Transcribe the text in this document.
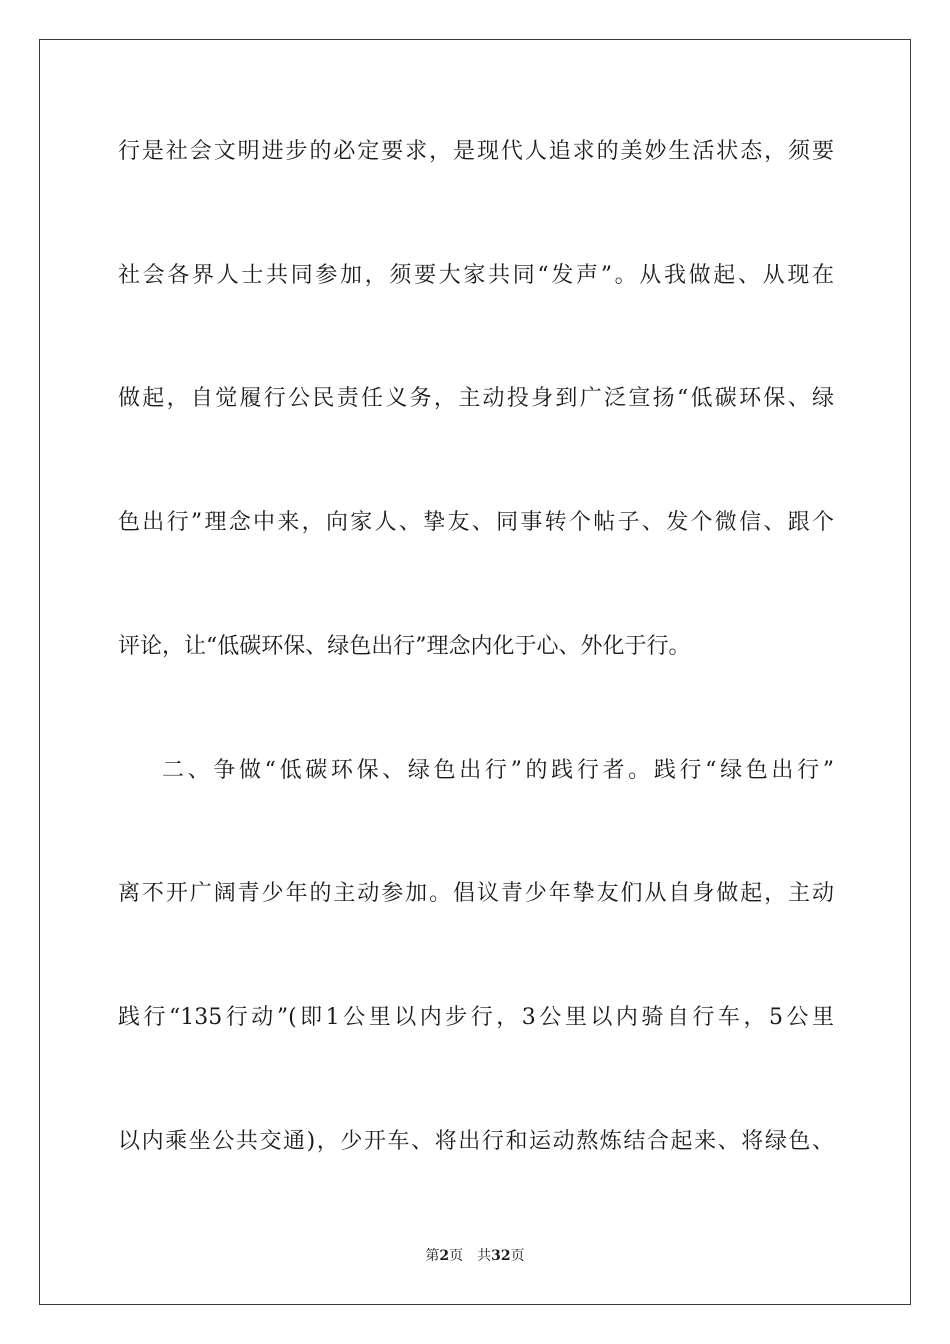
行是社会文明进步的必定要求，是现代人追求的美妙生活状态，须要
社会各界人士共同参加，须要大家共同“发声”。从我做起、从现在
做起，自觉履行公民责任义务，主动投身到广泛宣扬“低碳环保、绿
色出行”理念中来，向家人、挚友、同事转个帖子、发个微信、跟个
评论，让“低碳环保、绿色出行”理念内化于心、外化于行。
二、争做“低碳环保、绿色出行”的践行者。践行“绿色出行”
离不开广阔青少年的主动参加。倡议青少年挚友们从自身做起，主动
践行“135行动”(即1公里以内步行，3公里以内骑自行车，5公里
以内乘坐公共交通)，少开车、将出行和运动熬炼结合起来、将绿色、
第2页 共32页
